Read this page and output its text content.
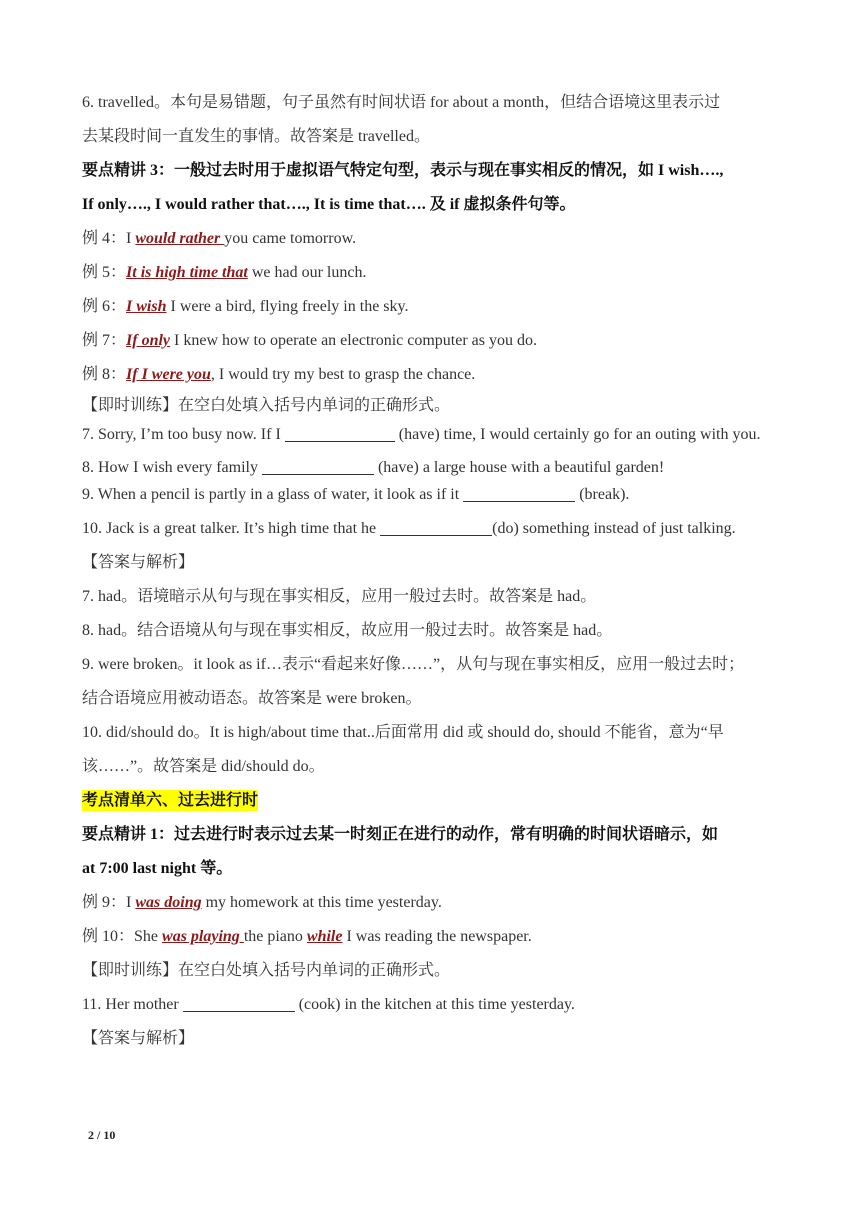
6. travelled。本句是易错题，句子虽然有时间状语 for about a month，但结合语境这里表示过

去某段时间一直发生的事情。故答案是 travelled。

要点精讲 3：一般过去时用于虚拟语气特定句型，表示与现在事实相反的情况，如 I wish….,

If only…., I would rather that…., It is time that…. 及 if 虚拟条件句等。

例 4：I would rather you came tomorrow.

例 5：It is high time that we had our lunch.

例 6：I wish I were a bird, flying freely in the sky.

例 7：If only I knew how to operate an electronic computer as you do.

例 8：If I were you, I would try my best to grasp the chance.

【即时训练】在空白处填入括号内单词的正确形式。

7. Sorry, I’m too busy now. If I	(have) time, I would certainly go for an outing with you.

8. How I wish every family	(have) a large house with a beautiful garden!

9. When a pencil is partly in a glass of water, it look as if it	(break).

10. Jack is a great talker. It’s high time that he	(do) something instead of just talking.

【答案与解析】

7. had。语境暗示从句与现在事实相反，应用一般过去时。故答案是 had。

8. had。结合语境从句与现在事实相反，故应用一般过去时。故答案是 had。

9. were broken。it look as if…表示“看起来好像……”，从句与现在事实相反，应用一般过去时；

结合语境应用被动语态。故答案是 were broken。

10. did/should do。It is high/about time that..后面常用 did 或 should do, should 不能省，意为“早

该……”。故答案是 did/should do。

考点清单六、过去进行时

要点精讲 1：过去进行时表示过去某一时刻正在进行的动作，常有明确的时间状语暗示，如

at 7:00 last night 等。

例 9：I was doing my homework at this time yesterday.

例 10：She was playing the piano while I was reading the newspaper.

【即时训练】在空白处填入括号内单词的正确形式。

11. Her mother	(cook) in the kitchen at this time yesterday.

【答案与解析】

2 / 10
